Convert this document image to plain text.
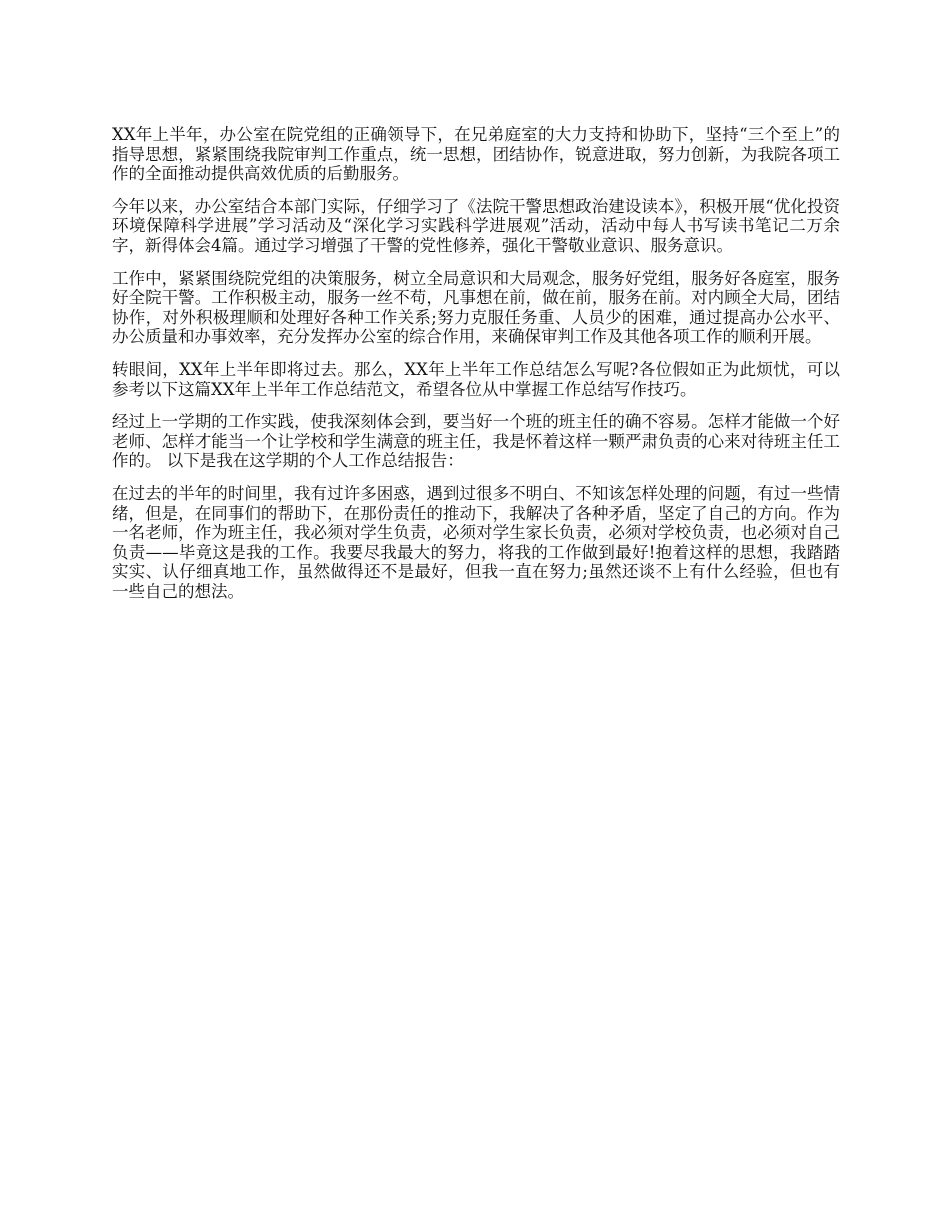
XX年上半年，办公室在院党组的正确领导下，在兄弟庭室的大力支持和协助下，坚持“三个至上”的指导思想，紧紧围绕我院审判工作重点，统一思想，团结协作，锐意进取，努力创新，为我院各项工作的全面推动提供高效优质的后勤服务。

今年以来，办公室结合本部门实际，仔细学习了《法院干警思想政治建设读本》，积极开展“优化投资环境保障科学进展”学习活动及“深化学习实践科学进展观”活动，活动中每人书写读书笔记二万余字，新得体会4篇。通过学习增强了干警的党性修养，强化干警敬业意识、服务意识。

工作中，紧紧围绕院党组的决策服务，树立全局意识和大局观念，服务好党组，服务好各庭室，服务好全院干警。工作积极主动，服务一丝不苟，凡事想在前，做在前，服务在前。对内顾全大局，团结协作，对外积极理顺和处理好各种工作关系;努力克服任务重、人员少的困难，通过提高办公水平、办公质量和办事效率，充分发挥办公室的综合作用，来确保审判工作及其他各项工作的顺利开展。

转眼间，XX年上半年即将过去。那么，XX年上半年工作总结怎么写呢?各位假如正为此烦忧，可以参考以下这篇XX年上半年工作总结范文，希望各位从中掌握工作总结写作技巧。

经过上一学期的工作实践，使我深刻体会到，要当好一个班的班主任的确不容易。怎样才能做一个好老师、怎样才能当一个让学校和学生满意的班主任，我是怀着这样一颗严肃负责的心来对待班主任工作的。 以下是我在这学期的个人工作总结报告：

在过去的半年的时间里，我有过许多困惑，遇到过很多不明白、不知该怎样处理的问题，有过一些情绪，但是，在同事们的帮助下，在那份责任的推动下，我解决了各种矛盾，坚定了自己的方向。作为一名老师，作为班主任，我必须对学生负责，必须对学生家长负责，必须对学校负责，也必须对自己负责——毕竟这是我的工作。我要尽我最大的努力，将我的工作做到最好!抱着这样的思想，我踏踏实实、认仔细真地工作，虽然做得还不是最好，但我一直在努力;虽然还谈不上有什么经验，但也有一些自己的想法。
